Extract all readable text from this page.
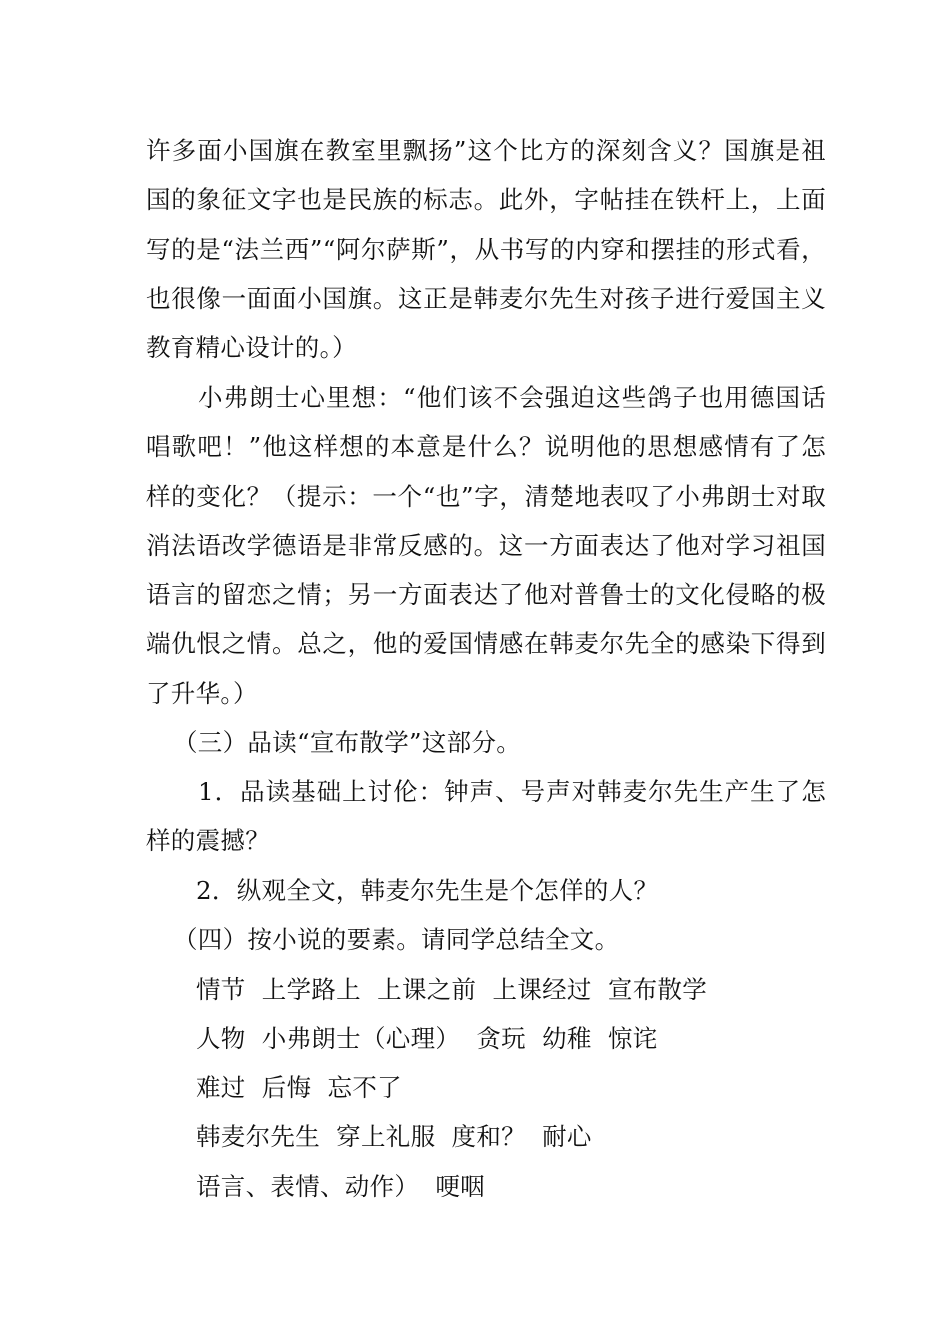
许多面小国旗在教室里飘扬”这个比方的深刻含义？国旗是祖国的象征文字也是民族的标志。此外，字帖挂在铁杆上，上面写的是“法兰西”“阿尔萨斯”，从书写的内穿和摆挂的形式看，也很像一面面小国旗。这正是韩麦尔先生对孩子进行爱国主义教育精心设计的。）

小弗朗士心里想：“他们该不会强迫这些鸽子也用德国话唱歌吧！”他这样想的本意是什么？说明他的思想感情有了怎样的变化？（提示：一个“也”字，清楚地表叹了小弗朗士对取消法语改学德语是非常反感的。这一方面表达了他对学习祖国语言的留恋之情；另一方面表达了他对普鲁士的文化侵略的极端仇恨之情。总之，他的爱国情感在韩麦尔先全的感染下得到了升华。）

（三）品读“宣布散学”这部分。

1．品读基础上讨伦：钟声、号声对韩麦尔先生产生了怎样的震撼？

2．纵观全文，韩麦尔先生是个怎佯的人？
（四）按小说的要素。请同学总结全文。
情节  上学路上  上课之前  上课经过  宣布散学
人物  小弗朗士（心理）  贪玩  幼稚  惊诧
难过  后悔  忘不了
韩麦尔先生  穿上礼服  度和？  耐心
语言、表情、动作）  哽咽
